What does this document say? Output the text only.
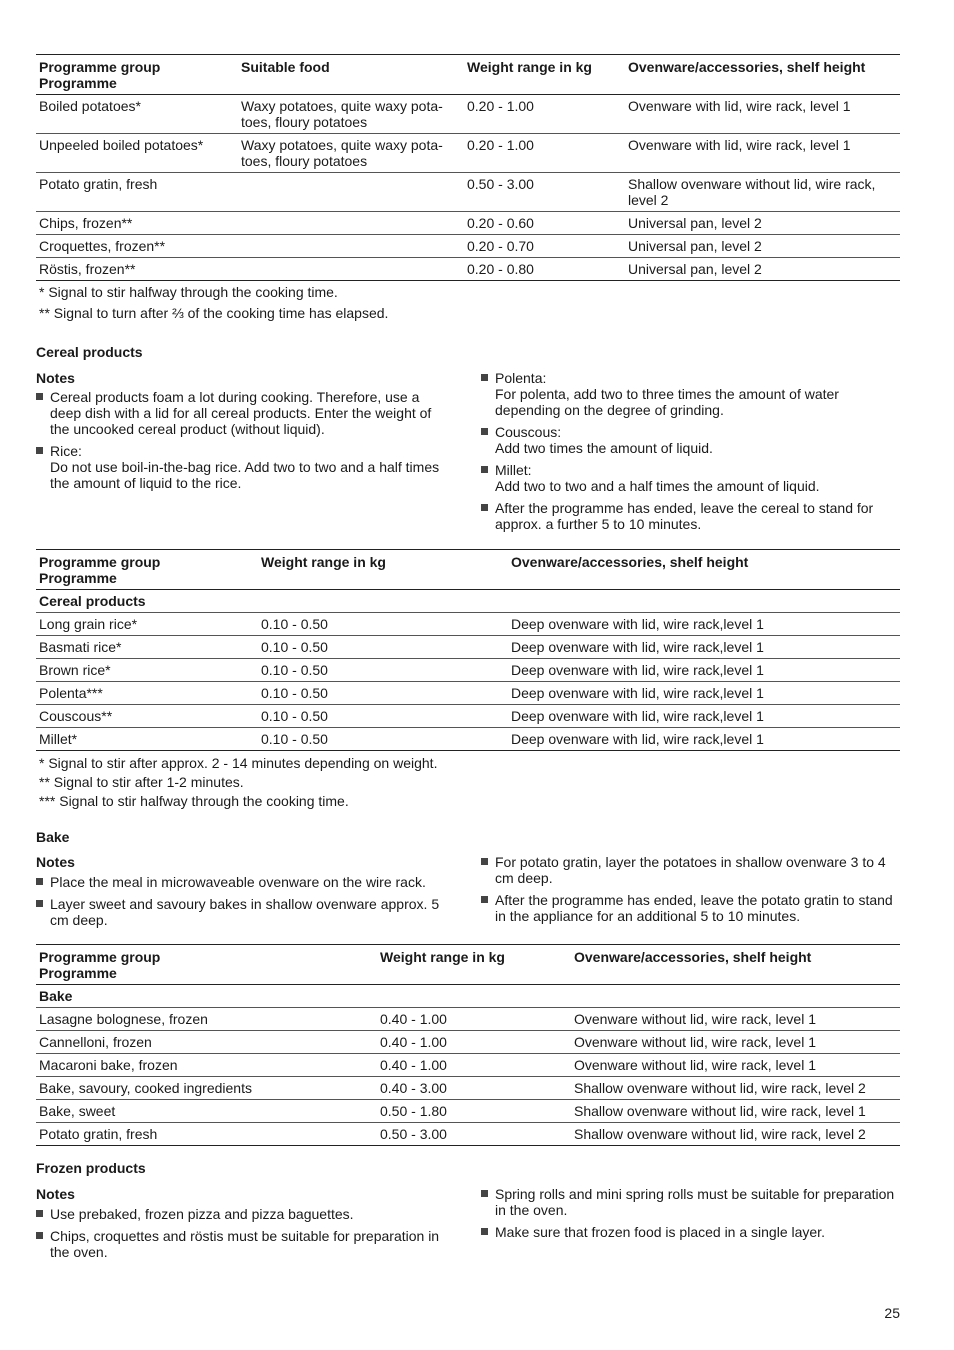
Programme group
Programme	Suitable food	Weight range in kg	Ovenware/accessories, shelf height
Boiled potatoes*	Waxy potatoes, quite waxy pota-toes, floury potatoes	0.20 - 1.00	Ovenware with lid, wire rack, level 1
Unpeeled boiled potatoes*	Waxy potatoes, quite waxy pota-toes, floury potatoes	0.20 - 1.00	Ovenware with lid, wire rack, level 1
Potato gratin, fresh		0.50 - 3.00	Shallow ovenware without lid, wire rack, level 2
Chips, frozen**		0.20 - 0.60	Universal pan, level 2
Croquettes, frozen**		0.20 - 0.70	Universal pan, level 2
Röstis, frozen**		0.20 - 0.80	Universal pan, level 2

* Signal to stir halfway through the cooking time.

** Signal to turn after ⅔ of the cooking time has elapsed.

Cereal products
Notes
Cereal products foam a lot during cooking. Therefore, use a deep dish with a lid for all cereal products. Enter the weight of the uncooked cereal product (without liquid).
Rice:
Do not use boil-in-the-bag rice. Add two to two and a half times the amount of liquid to the rice.
Polenta:
For polenta, add two to three times the amount of water depending on the degree of grinding.
Couscous:
Add two times the amount of liquid.
Millet:
Add two to two and a half times the amount of liquid.
After the programme has ended, leave the cereal to stand for approx. a further 5 to 10 minutes.
Programme group
Programme	Weight range in kg	Ovenware/accessories, shelf height
Cereal products		
Long grain rice*	0.10 - 0.50	Deep ovenware with lid, wire rack,level 1
Basmati rice*	0.10 - 0.50	Deep ovenware with lid, wire rack,level 1
Brown rice*	0.10 - 0.50	Deep ovenware with lid, wire rack,level 1
Polenta***	0.10 - 0.50	Deep ovenware with lid, wire rack,level 1
Couscous**	0.10 - 0.50	Deep ovenware with lid, wire rack,level 1
Millet*	0.10 - 0.50	Deep ovenware with lid, wire rack,level 1

* Signal to stir after approx. 2 - 14 minutes depending on weight.

** Signal to stir after 1-2 minutes.

*** Signal to stir halfway through the cooking time.

Bake
Notes
Place the meal in microwaveable ovenware on the wire rack.
Layer sweet and savoury bakes in shallow ovenware approx. 5 cm deep.
For potato gratin, layer the potatoes in shallow ovenware 3 to 4 cm deep.
After the programme has ended, leave the potato gratin to stand in the appliance for an additional 5 to 10 minutes.
Programme group
Programme	Weight range in kg	Ovenware/accessories, shelf height
Bake		
Lasagne bolognese, frozen	0.40 - 1.00	Ovenware without lid, wire rack, level 1
Cannelloni, frozen	0.40 - 1.00	Ovenware without lid, wire rack, level 1
Macaroni bake, frozen	0.40 - 1.00	Ovenware without lid, wire rack, level 1
Bake, savoury, cooked ingredients	0.40 - 3.00	Shallow ovenware without lid, wire rack, level 2
Bake, sweet	0.50 - 1.80	Shallow ovenware without lid, wire rack, level 1
Potato gratin, fresh	0.50 - 3.00	Shallow ovenware without lid, wire rack, level 2
Frozen products
Notes
Use prebaked, frozen pizza and pizza baguettes.
Chips, croquettes and röstis must be suitable for preparation in the oven.
Spring rolls and mini spring rolls must be suitable for preparation in the oven.
Make sure that frozen food is placed in a single layer.
25
